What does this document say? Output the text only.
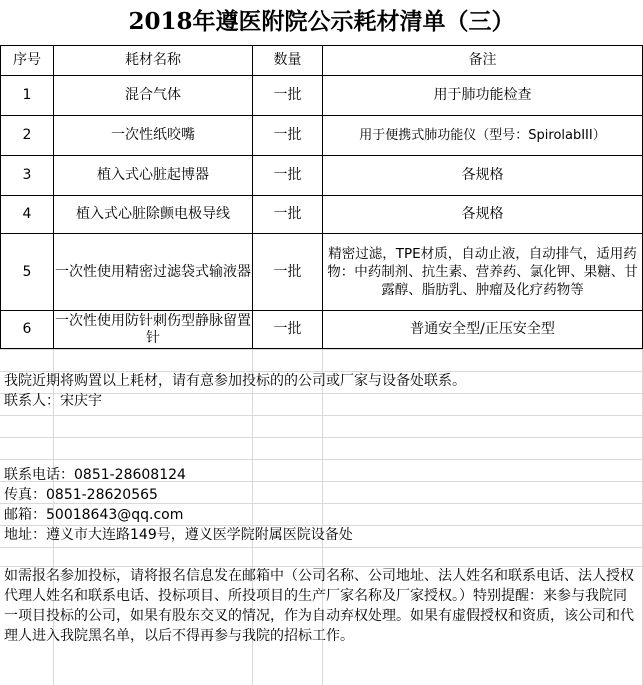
2018年遵医附院公示耗材清单（三）
序号	耗材名称	数量	备注
1	混合气体	一批	用于肺功能检查
2	一次性纸咬嘴	一批	用于便携式肺功能仪（型号：SpirolabIII）
3	植入式心脏起博器	一批	各规格
4	植入式心脏除颤电极导线	一批	各规格
5	一次性使用精密过滤袋式输液器	一批	精密过滤，TPE材质，自动止液，自动排气，适用药物：中药制剂、抗生素、营养药、氯化钾、果糖、甘露醇、脂肪乳、肿瘤及化疗药物等
6	一次性使用防针刺伤型静脉留置针	一批	普通安全型/正压安全型
我院近期将购置以上耗材，请有意参加投标的的公司或厂家与设备处联系。
联系人：宋庆宇
联系电话：0851-28608124
传真：0851-28620565
邮箱：50018643@qq.com
地址：遵义市大连路149号，遵义医学院附属医院设备处
如需报名参加投标，请将报名信息发在邮箱中（公司名称、公司地址、法人姓名和联系电话、法人授权代理人姓名和联系电话、投标项目、所投项目的生产厂家名称及厂家授权。）特别提醒：来参与我院同一项目投标的公司，如果有股东交叉的情况，作为自动弃权处理。如果有虚假授权和资质，该公司和代理人进入我院黑名单，以后不得再参与我院的招标工作。
